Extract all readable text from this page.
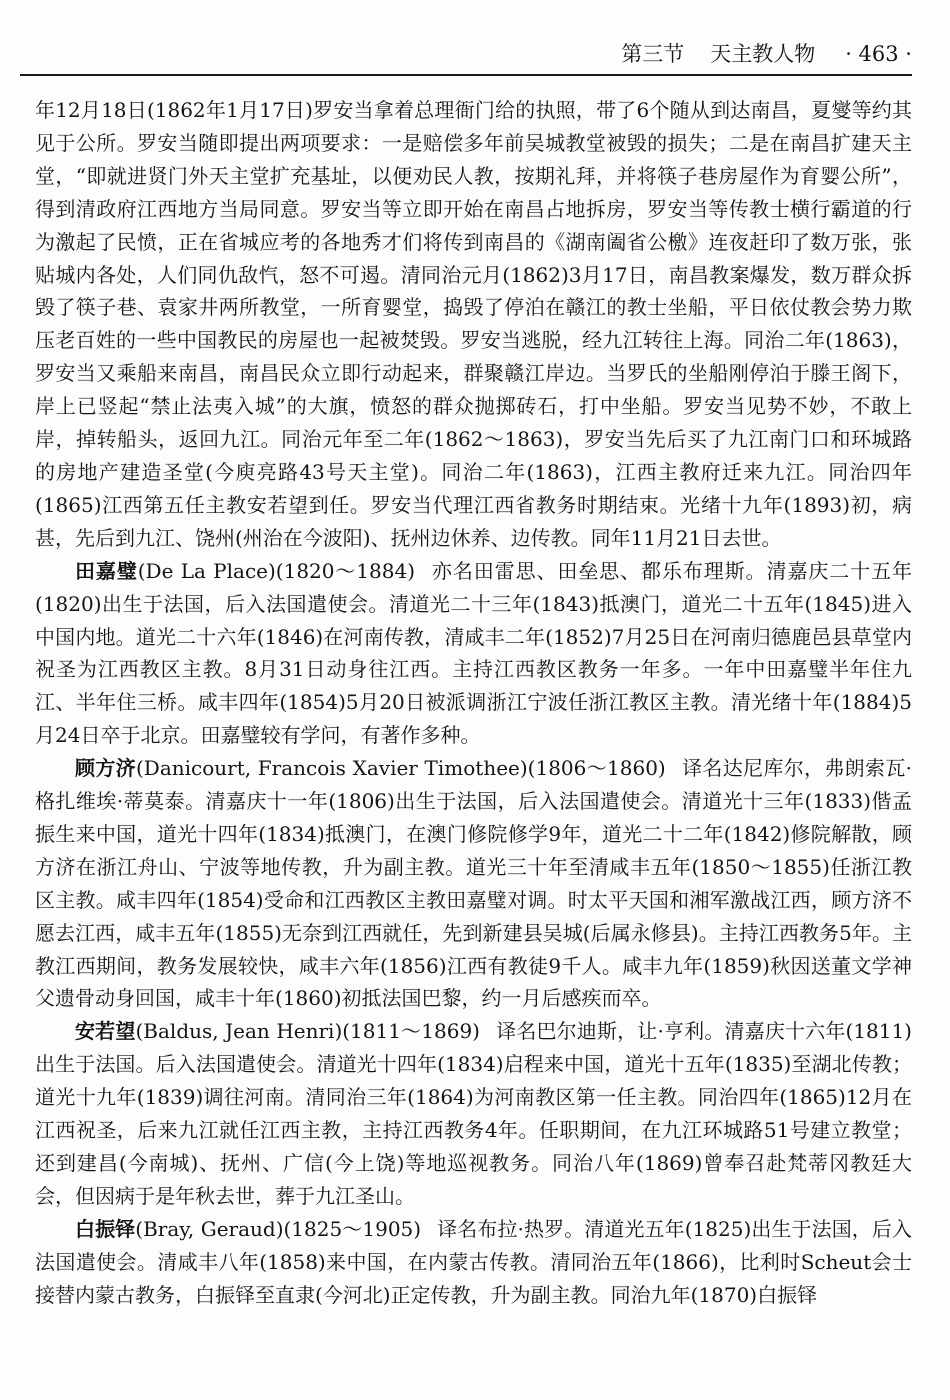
第三节 天主教人物 · 463 ·

年12月18日(1862年1月17日)罗安当拿着总理衙门给的执照，带了6个随从到达南昌，夏燮等约其见于公所。罗安当随即提出两项要求：一是赔偿多年前吴城教堂被毁的损失；二是在南昌扩建天主堂，“即就进贤门外天主堂扩充基址，以便劝民人教，按期礼拜，并将筷子巷房屋作为育婴公所”，得到清政府江西地方当局同意。罗安当等立即开始在南昌占地拆房，罗安当等传教士横行霸道的行为激起了民愤，正在省城应考的各地秀才们将传到南昌的《湖南阖省公檄》连夜赶印了数万张，张贴城内各处，人们同仇敌忾，怒不可遏。清同治元月(1862)3月17日，南昌教案爆发，数万群众拆毁了筷子巷、袁家井两所教堂，一所育婴堂，捣毁了停泊在赣江的教士坐船，平日依仗教会势力欺压老百姓的一些中国教民的房屋也一起被焚毁。罗安当逃脱，经九江转往上海。同治二年(1863)，罗安当又乘船来南昌，南昌民众立即行动起来，群聚赣江岸边。当罗氏的坐船刚停泊于滕王阁下，岸上已竖起“禁止法夷入城”的大旗，愤怒的群众抛掷砖石，打中坐船。罗安当见势不妙，不敢上岸，掉转船头，返回九江。同治元年至二年(1862～1863)，罗安当先后买了九江南门口和环城路的房地产建造圣堂(今庾亮路43号天主堂)。同治二年(1863)，江西主教府迁来九江。同治四年(1865)江西第五任主教安若望到任。罗安当代理江西省教务时期结束。光绪十九年(1893)初，病甚，先后到九江、饶州(州治在今波阳)、抚州边休养、边传教。同年11月21日去世。

田嘉璧(De La Place)(1820～1884) 亦名田雷思、田垒思、都乐布理斯。清嘉庆二十五年(1820)出生于法国，后入法国遣使会。清道光二十三年(1843)抵澳门，道光二十五年(1845)进入中国内地。道光二十六年(1846)在河南传教，清咸丰二年(1852)7月25日在河南归德鹿邑县草堂内祝圣为江西教区主教。8月31日动身往江西。主持江西教区教务一年多。一年中田嘉璧半年住九江、半年住三桥。咸丰四年(1854)5月20日被派调浙江宁波任浙江教区主教。清光绪十年(1884)5月24日卒于北京。田嘉璧较有学问，有著作多种。

顾方济(Danicourt, Francois Xavier Timothee)(1806～1860) 译名达尼库尔，弗朗索瓦·格扎维埃·蒂莫泰。清嘉庆十一年(1806)出生于法国，后入法国遣使会。清道光十三年(1833)偕孟振生来中国，道光十四年(1834)抵澳门，在澳门修院修学9年，道光二十二年(1842)修院解散，顾方济在浙江舟山、宁波等地传教，升为副主教。道光三十年至清咸丰五年(1850～1855)任浙江教区主教。咸丰四年(1854)受命和江西教区主教田嘉璧对调。时太平天国和湘军激战江西，顾方济不愿去江西，咸丰五年(1855)无奈到江西就任，先到新建县吴城(后属永修县)。主持江西教务5年。主教江西期间，教务发展较快，咸丰六年(1856)江西有教徒9千人。咸丰九年(1859)秋因送董文学神父遗骨动身回国，咸丰十年(1860)初抵法国巴黎，约一月后感疾而卒。

安若望(Baldus, Jean Henri)(1811～1869) 译名巴尔迪斯，让·亨利。清嘉庆十六年(1811)出生于法国。后入法国遣使会。清道光十四年(1834)启程来中国，道光十五年(1835)至湖北传教；道光十九年(1839)调往河南。清同治三年(1864)为河南教区第一任主教。同治四年(1865)12月在江西祝圣，后来九江就任江西主教，主持江西教务4年。任职期间，在九江环城路51号建立教堂；还到建昌(今南城)、抚州、广信(今上饶)等地巡视教务。同治八年(1869)曾奉召赴梵蒂冈教廷大会，但因病于是年秋去世，葬于九江圣山。

白振铎(Bray, Geraud)(1825～1905) 译名布拉·热罗。清道光五年(1825)出生于法国，后入法国遣使会。清咸丰八年(1858)来中国，在内蒙古传教。清同治五年(1866)，比利时Scheut会士接替内蒙古教务，白振铎至直隶(今河北)正定传教，升为副主教。同治九年(1870)白振铎
